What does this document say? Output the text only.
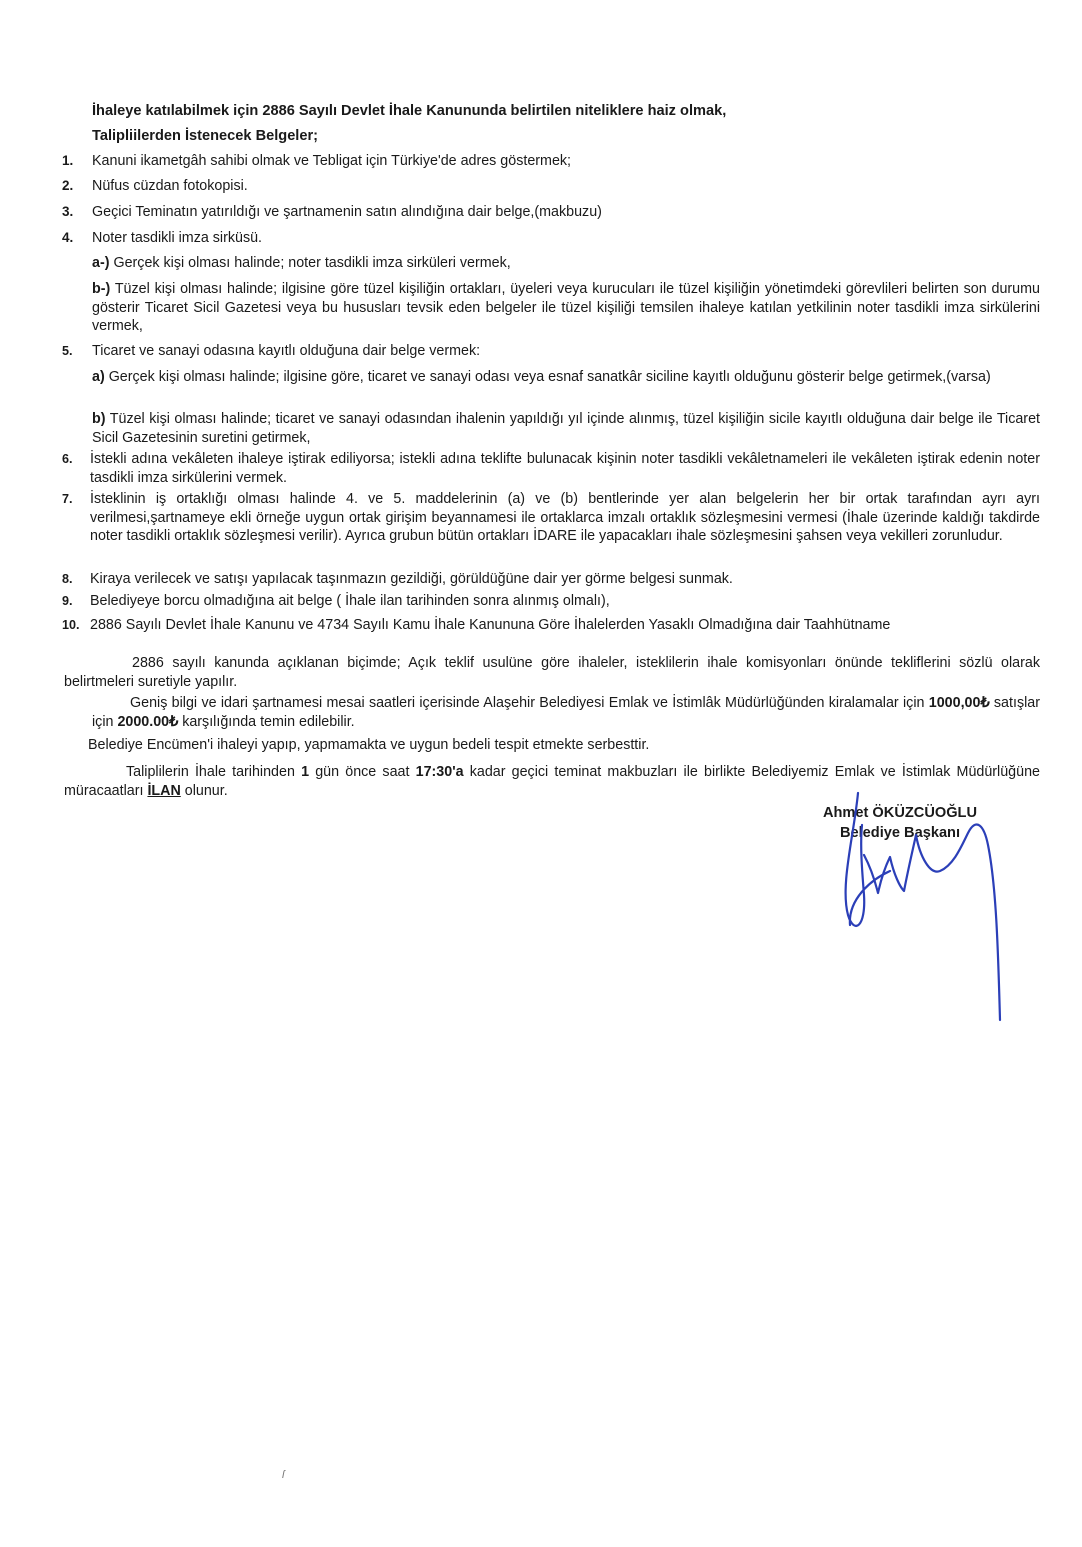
İhaleye katılabilmek için 2886 Sayılı Devlet İhale Kanununda belirtilen niteliklere haiz olmak,
Talipliilerden İstenecek Belgeler;
1.	Kanuni ikametgâh sahibi olmak ve Tebligat için Türkiye'de adres göstermek;
2.	Nüfus cüzdan fotokopisi.
3.	Geçici Teminatın yatırıldığı ve şartnamenin satın alındığına dair belge,(makbuzu)
4.	Noter tasdikli imza sirküsü.
a-) Gerçek kişi olması halinde; noter tasdikli imza sirküleri vermek,
b-) Tüzel kişi olması halinde; ilgisine göre tüzel kişiliğin ortakları, üyeleri veya kurucuları ile tüzel kişiliğin yönetimdeki görevlileri belirten son durumu gösterir Ticaret Sicil Gazetesi veya bu hususları tevsik eden belgeler ile tüzel kişiliği temsilen ihaleye katılan yetkilinin noter tasdikli imza sirkülerini vermek,
5.	Ticaret ve sanayi odasına kayıtlı olduğuna dair belge vermek:
a) Gerçek kişi olması halinde; ilgisine göre, ticaret ve sanayi odası veya esnaf sanatkâr siciline kayıtlı olduğunu gösterir belge getirmek,(varsa)
b) Tüzel kişi olması halinde; ticaret ve sanayi odasından ihalenin yapıldığı yıl içinde alınmış, tüzel kişiliğin sicile kayıtlı olduğuna dair belge ile Ticaret Sicil Gazetesinin suretini getirmek,
6.	İstekli adına vekâleten ihaleye iştirak ediliyorsa; istekli adına teklifte bulunacak kişinin noter tasdikli vekâletnameleri ile vekâleten iştirak edenin noter tasdikli imza sirkülerini vermek.
7.	İsteklinin iş ortaklığı olması halinde 4. ve 5. maddelerinin (a) ve (b) bentlerinde yer alan belgelerin her bir ortak tarafından ayrı ayrı verilmesi,şartnameye ekli örneğe uygun ortak girişim beyannamesi ile ortaklarca imzalı ortaklık sözleşmesini vermesi (İhale üzerinde kaldığı takdirde noter tasdikli ortaklık sözleşmesi verilir). Ayrıca grubun bütün ortakları İDARE ile yapacakları ihale sözleşmesini şahsen veya vekilleri zorunludur.
8.	Kiraya verilecek ve satışı yapılacak taşınmazın gezildiği, görüldüğüne dair yer görme belgesi sunmak.
9.	Belediyeye borcu olmadığına ait belge ( İhale ilan tarihinden sonra alınmış olmalı),
10. 2886 Sayılı Devlet İhale Kanunu ve 4734 Sayılı Kamu İhale Kanununa Göre İhalelerden Yasaklı Olmadığına dair Taahhütname
2886 sayılı kanunda açıklanan biçimde; Açık teklif usulüne göre ihaleler, isteklilerin ihale komisyonları önünde tekliflerini sözlü olarak belirtmeleri suretiyle yapılır.
Geniş bilgi ve idari şartnamesi mesai saatleri içerisinde Alaşehir Belediyesi Emlak ve İstimlâk Müdürlüğünden kiralamalar için 1000,00₺ satışlar için 2000.00₺ karşılığında temin edilebilir.
Belediye Encümen'i ihaleyi yapıp, yapmamakta ve uygun bedeli tespit etmekte serbesttir.
Taliplilerin İhale tarihinden 1 gün önce saat 17:30'a kadar geçici teminat makbuzları ile birlikte Belediyemiz Emlak ve İstimlak Müdürlüğüne müracaatları İLAN olunur.
Ahmet ÖKÜZCÜOĞLU
Belediye Başkanı
ſ
